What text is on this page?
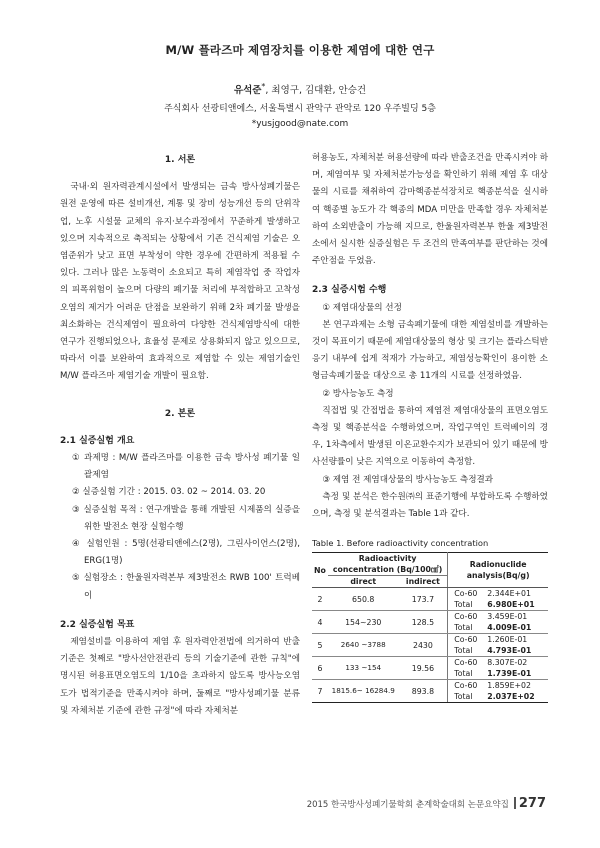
M/W 플라즈마 제염장치를 이용한 제염에 대한 연구
유석준*, 최영구, 김대환, 안승건
주식회사 선광티앤에스, 서울특별시 관악구 관악로 120 우주빌딩 5층
*yusjgood@nate.com
1. 서론

국내·외 원자력관계시설에서 발생되는 금속 방사성폐기물은 원전 운영에 따른 설비개선, 계통 및 장비 성능개선 등의 단위작업, 노후 시설물 교체의 유지·보수과정에서 꾸준하게 발생하고 있으며 지속적으로 축적되는 상황에서 기존 건식제염 기술은 오염준위가 낮고 표면 부착성이 약한 경우에 간편하게 적용될 수 있다. 그러나 많은 노동력이 소요되고 특히 제염작업 중 작업자의 피폭위험이 높으며 다량의 폐기물 처리에 부적합하고 고착성 오염의 제거가 어려운 단점을 보완하기 위해 2차 폐기물 발생을 최소화하는 건식제염이 필요하여 다양한 건식제염방식에 대한 연구가 진행되었으나, 효율성 문제로 상용화되지 않고 있으므로, 따라서 이를 보완하여 효과적으로 제염할 수 있는 제염기술인 M/W 플라즈마 제염기술 개발이 필요함.

2. 본론

2.1 실증실험 개요

① 과제명 : M/W 플라즈마를 이용한 금속 방사성 폐기물 일괄제염

② 실증실험 기간 : 2015. 03. 02 ~ 2014. 03. 20

③ 실증실험 목적 : 연구개발을 통해 개발된 시제품의 실증을 위한 발전소 현장 실험수행

④ 실험인원 : 5명(선광티앤에스(2명), 그린사이언스(2명), ERG(1명)

⑤ 실험장소 : 한울원자력본부 제3발전소 RWB 100' 트럭베이

2.2 실증실험 목표

제염설비를 이용하여 제염 후 원자력안전법에 의거하여 반출기준은 첫째로 "방사선안전관리 등의 기술기준에 관한 규칙"에 명시된 허용표면오염도의 1/10을 초과하지 않도록 방사능오염도가 법적기준을 만족시켜야 하며, 둘째로 "방사성폐기물 분류 및 자체처분 기준에 관한 규정"에 따라 자체처분

허용농도, 자체처분 허용선량에 따라 반출조건을 만족시켜야 하며, 제염여부 및 자체처분가능성을 확인하기 위해 제염 후 대상물의 시료를 채취하여 감마핵종분석장치로 핵종분석을 실시하여 핵종별 농도가 각 핵종의 MDA 미만을 만족할 경우 자체처분하여 소외반출이 가능해 지므로, 한울원자력본부 한울 제3발전소에서 실시한 실증실험은 두 조건의 만족여부를 판단하는 것에 주안점을 두었음.

2.3 실증시험 수행

① 제염대상물의 선정

본 연구과제는 소형 금속폐기물에 대한 제염설비를 개발하는 것이 목표이기 때문에 제염대상물의 형상 및 크기는 플라스틱반응기 내부에 쉽게 적재가 가능하고, 제염성능확인이 용이한 소형금속폐기물을 대상으로 총 11개의 시료를 선정하였음.

② 방사능농도 측정

직접법 및 간접법을 통하여 제염전 제염대상물의 표면오염도 측정 및 핵종분석을 수행하였으며, 작업구역인 트럭베이의 경우, 1차측에서 발생된 이온교환수지가 보관되어 있기 때문에 방사선량률이 낮은 지역으로 이동하여 측정함.

③ 제염 전 제염대상물의 방사능농도 측정결과

측정 및 분석은 한수원㈜의 표준기행에 부합하도록 수행하였으며, 측정 및 분석결과는 Table 1과 같다.

Table 1. Before radioactivity concentration

No	Radioactivity concentration (Bq/100㎠)		Radionuclide analysis(Bq/g)	
	direct	indirect		
2	650.8	173.7	Co-60	2.344E+01
			Total	6.980E+01
4	154~230	128.5	Co-60	3.459E-01
			Total	4.009E-01
5	2640 ~3788	2430	Co-60	1.260E-01
			Total	4.793E-01
6	133 ~154	19.56	Co-60	8.307E-02
			Total	1.739E-01
7	1815.6~ 16284.9	893.8	Co-60	1.859E+02
			Total	2.037E+02
2015 한국방사성폐기물학회 춘계학술대회 논문요약집 277
